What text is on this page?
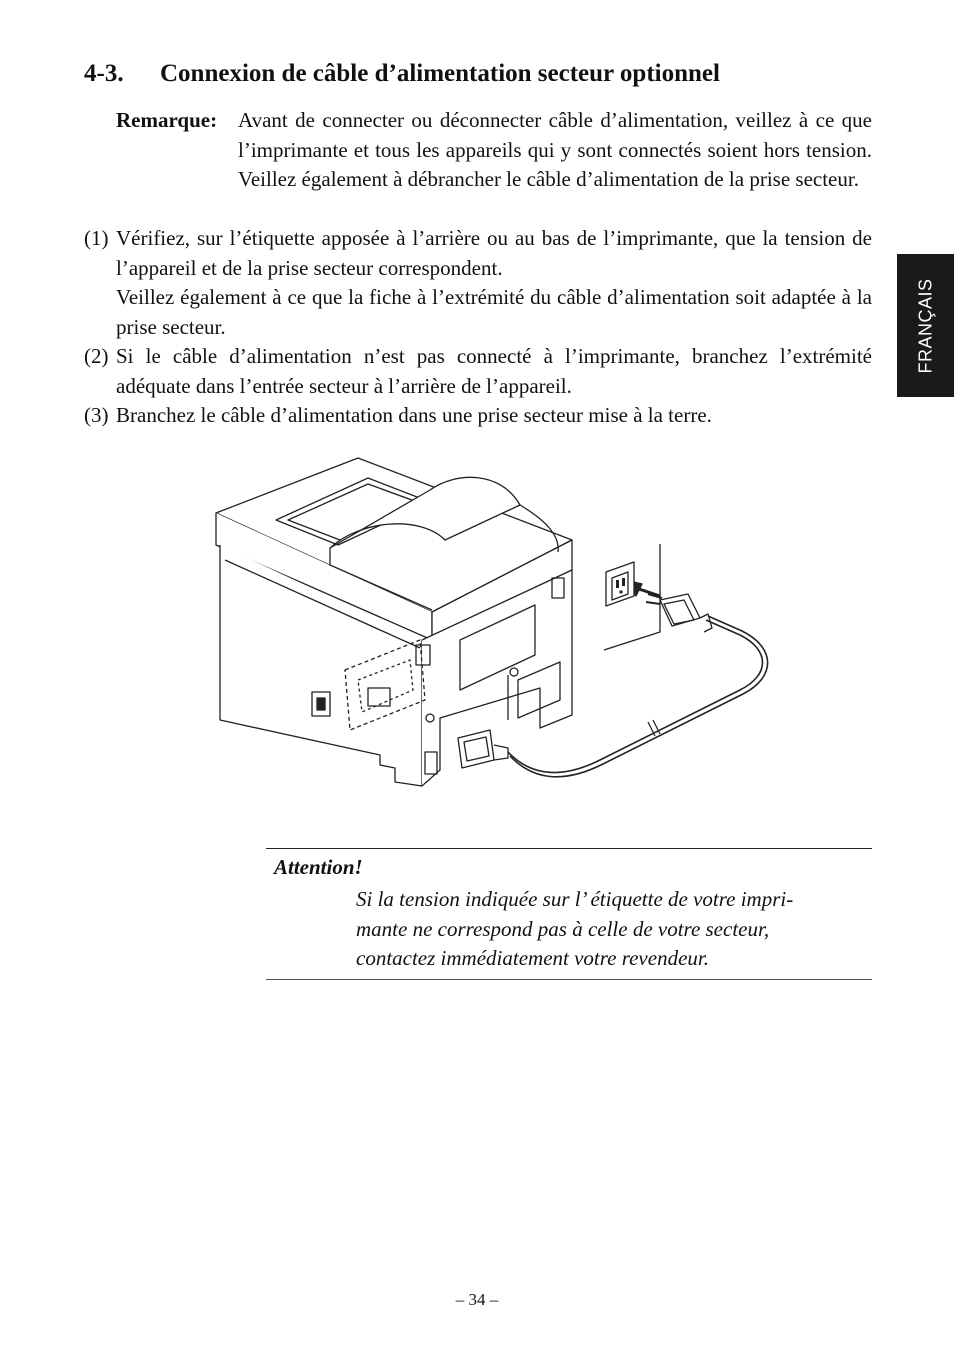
4-3. Connexion de câble d’alimentation secteur optionnel
Remarque: Avant de connecter ou déconnecter câble d’alimentation, veillez à ce que l’imprimante et tous les appareils qui y sont connectés soient hors tension. Veillez également à débrancher le câble d’alimentation de la prise secteur.
(1) Vérifiez, sur l’étiquette apposée à l’arrière ou au bas de l’imprimante, que la tension de l’appareil et de la prise secteur correspondent.
Veillez également à ce que la fiche à l’extrémité du câble d’alimentation soit adaptée à la prise secteur.
(2) Si le câble d’alimentation n’est pas connecté à l’imprimante, branchez l’extrémité adéquate dans l’entrée secteur à l’arrière de l’appareil.
(3) Branchez le câble d’alimentation dans une prise secteur mise à la terre.
FRANÇAIS
Attention!
Si la tension indiquée sur l’ étiquette de votre impri-
mante ne correspond pas à celle de votre secteur,
contactez immédiatement votre revendeur.
– 34 –
